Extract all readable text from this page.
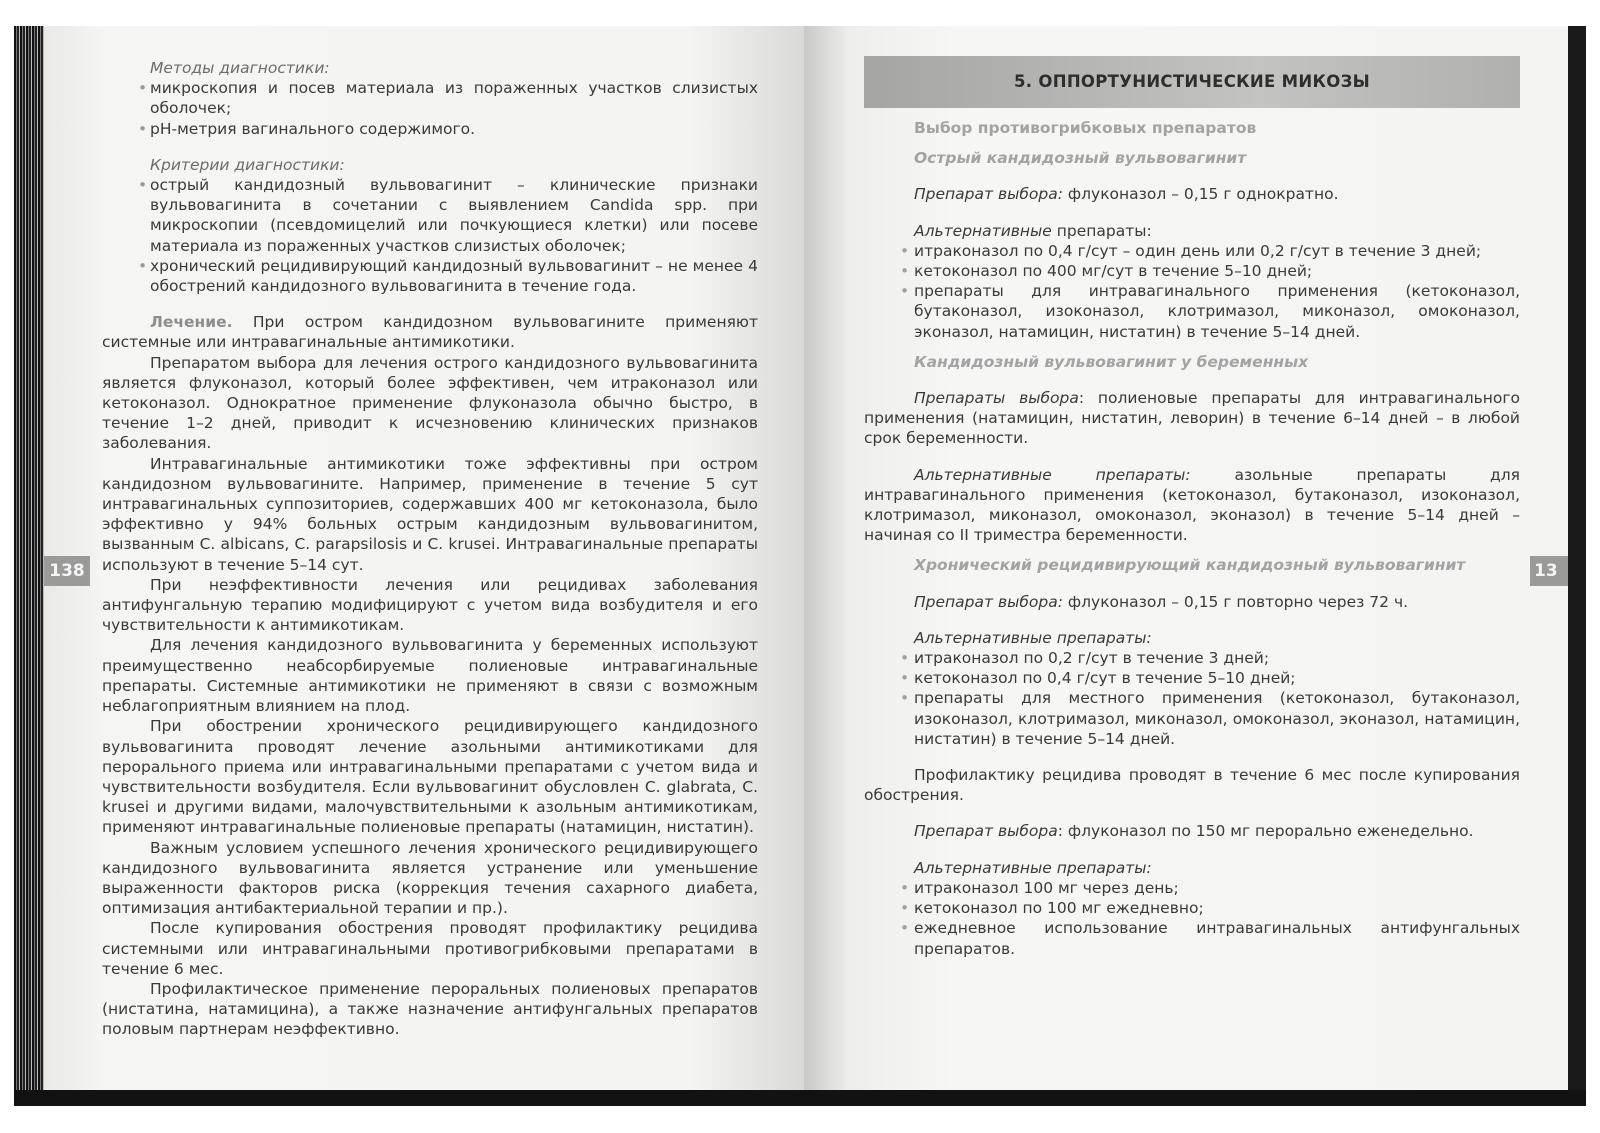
138	13
Методы диагностики:
• микроскопия и посев материала из пораженных участков слизистых оболочек;
• pH-метрия вагинального содержимого.
Критерии диагностики:
• острый кандидозный вульвовагинит – клинические признаки вульвовагинита в сочетании с выявлением Candida spp. при микроскопии (псевдомицелий или почкующиеся клетки) или посеве материала из пораженных участков слизистых оболочек;
• хронический рецидивирующий кандидозный вульвовагинит – не менее 4 обострений кандидозного вульвовагинита в течение года.

Лечение. При остром кандидозном вульвовагините применяют системные или интравагинальные антимикотики.

Препаратом выбора для лечения острого кандидозного вульвовагинита является флуконазол, который более эффективен, чем итраконазол или кетоконазол. Однократное применение флуконазола обычно быстро, в течение 1–2 дней, приводит к исчезновению клинических признаков заболевания.

Интравагинальные антимикотики тоже эффективны при остром кандидозном вульвовагините. Например, применение в течение 5 сут интравагинальных суппозиториев, содержавших 400 мг кетоконазола, было эффективно у 94% больных острым кандидозным вульвовагинитом, вызванным C. albicans, C. parapsilosis и C. krusei. Интравагинальные препараты используют в течение 5–14 сут.

При неэффективности лечения или рецидивах заболевания антифунгальную терапию модифицируют с учетом вида возбудителя и его чувствительности к антимикотикам.

Для лечения кандидозного вульвовагинита у беременных используют преимущественно неабсорбируемые полиеновые интравагинальные препараты. Системные антимикотики не применяют в связи с возможным неблагоприятным влиянием на плод.

При обострении хронического рецидивирующего кандидозного вульвовагинита проводят лечение азольными антимикотиками для перорального приема или интравагинальными препаратами с учетом вида и чувствительности возбудителя. Если вульвовагинит обусловлен C. glabrata, C. krusei и другими видами, малочувствительными к азольным антимикотикам, применяют интравагинальные полиеновые препараты (натамицин, нистатин).

Важным условием успешного лечения хронического рецидивирующего кандидозного вульвовагинита является устранение или уменьшение выраженности факторов риска (коррекция течения сахарного диабета, оптимизация антибактериальной терапии и пр.).

После купирования обострения проводят профилактику рецидива системными или интравагинальными противогрибковыми препаратами в течение 6 мес.

Профилактическое применение пероральных полиеновых препаратов (нистатина, натамицина), а также назначение антифунгальных препаратов половым партнерам неэффективно.

5. ОППОРТУНИСТИЧЕСКИЕ МИКОЗЫ
Выбор противогрибковых препаратов
Острый кандидозный вульвовагинит
Препарат выбора: флуконазол – 0,15 г однократно.
Альтернативные препараты:
• итраконазол по 0,4 г/сут – один день или 0,2 г/сут в течение 3 дней;
• кетоконазол по 400 мг/сут в течение 5–10 дней;
• препараты для интравагинального применения (кетоконазол, бутаконазол, изоконазол, клотримазол, миконазол, омоконазол, эконазол, натамицин, нистатин) в течение 5–14 дней.
Кандидозный вульвовагинит у беременных

Препараты выбора: полиеновые препараты для интравагинального применения (натамицин, нистатин, леворин) в течение 6–14 дней – в любой срок беременности.

Альтернативные препараты: азольные препараты для интравагинального применения (кетоконазол, бутаконазол, изоконазол, клотримазол, миконазол, омоконазол, эконазол) в течение 5–14 дней – начиная со II триместра беременности.

Хронический рецидивирующий кандидозный вульвовагинит
Препарат выбора: флуконазол – 0,15 г повторно через 72 ч.
Альтернативные препараты:
• итраконазол по 0,2 г/сут в течение 3 дней;
• кетоконазол по 0,4 г/сут в течение 5–10 дней;
• препараты для местного применения (кетоконазол, бутаконазол, изоконазол, клотримазол, миконазол, омоконазол, эконазол, натамицин, нистатин) в течение 5–14 дней.

Профилактику рецидива проводят в течение 6 мес после купирования обострения.

Препарат выбора: флуконазол по 150 мг перорально еженедельно.
Альтернативные препараты:
• итраконазол 100 мг через день;
• кетоконазол по 100 мг ежедневно;
• ежедневное использование интравагинальных антифунгальных препаратов.
